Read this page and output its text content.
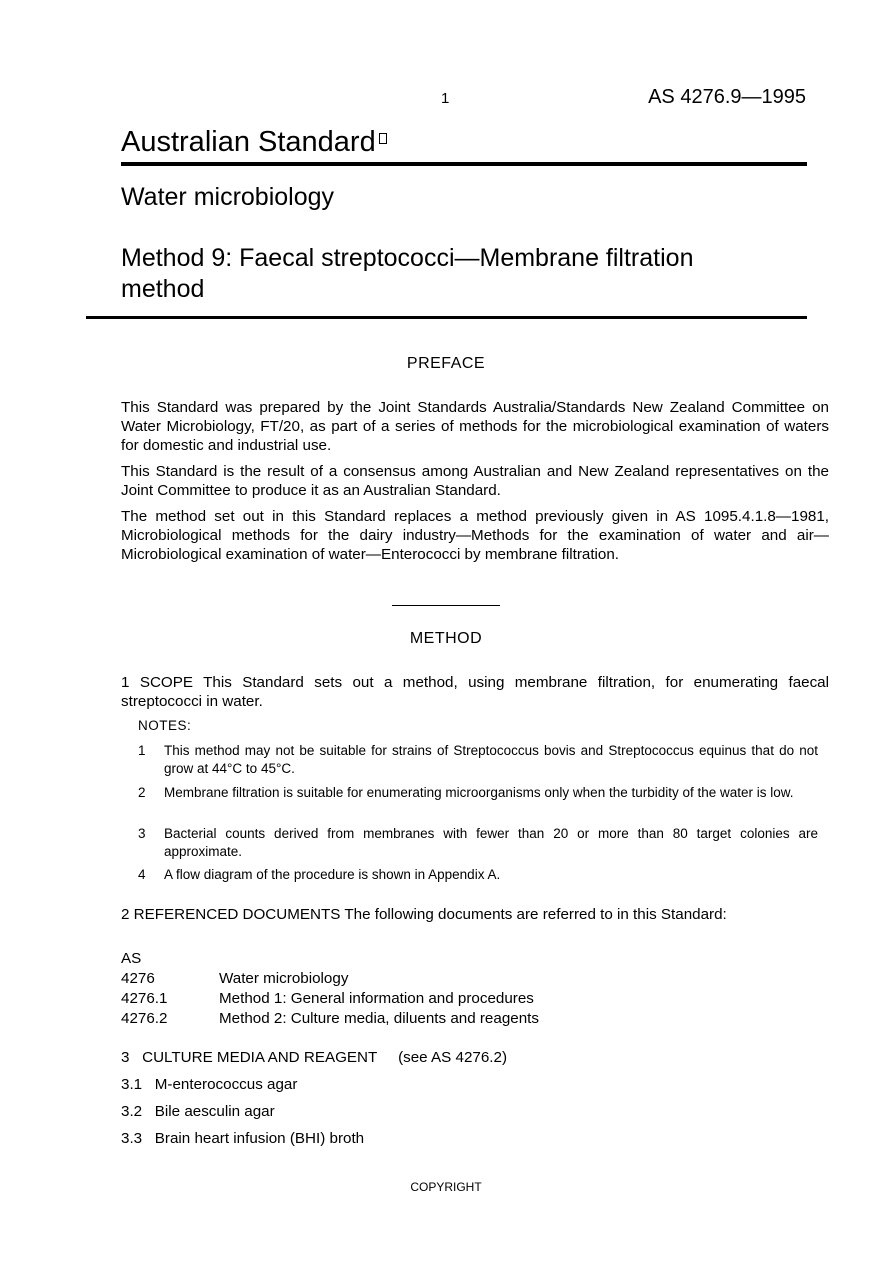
1	AS 4276.9—1995
Australian Standard
Water microbiology
Method 9: Faecal streptococci—Membrane filtration method
PREFACE
This Standard was prepared by the Joint Standards Australia/Standards New Zealand Committee on Water Microbiology, FT/20, as part of a series of methods for the microbiological examination of waters for domestic and industrial use.
This Standard is the result of a consensus among Australian and New Zealand representatives on the Joint Committee to produce it as an Australian Standard.
The method set out in this Standard replaces a method previously given in AS 1095.4.1.8—1981, Microbiological methods for the dairy industry—Methods for the examination of water and air—Microbiological examination of water—Enterococci by membrane filtration.
METHOD
1 SCOPE This Standard sets out a method, using membrane filtration, for enumerating faecal streptococci in water.
NOTES:
1 This method may not be suitable for strains of Streptococcus bovis and Streptococcus equinus that do not grow at 44°C to 45°C.
2 Membrane filtration is suitable for enumerating microorganisms only when the turbidity of the water is low.
3 Bacterial counts derived from membranes with fewer than 20 or more than 80 target colonies are approximate.
4 A flow diagram of the procedure is shown in Appendix A.
2 REFERENCED DOCUMENTS The following documents are referred to in this Standard:
AS
4276	Water microbiology
4276.1	Method 1: General information and procedures
4276.2	Method 2: Culture media, diluents and reagents
3   CULTURE MEDIA AND REAGENT     (see AS 4276.2)
3.1   M-enterococcus agar
3.2   Bile aesculin agar
3.3   Brain heart infusion (BHI) broth
COPYRIGHT
